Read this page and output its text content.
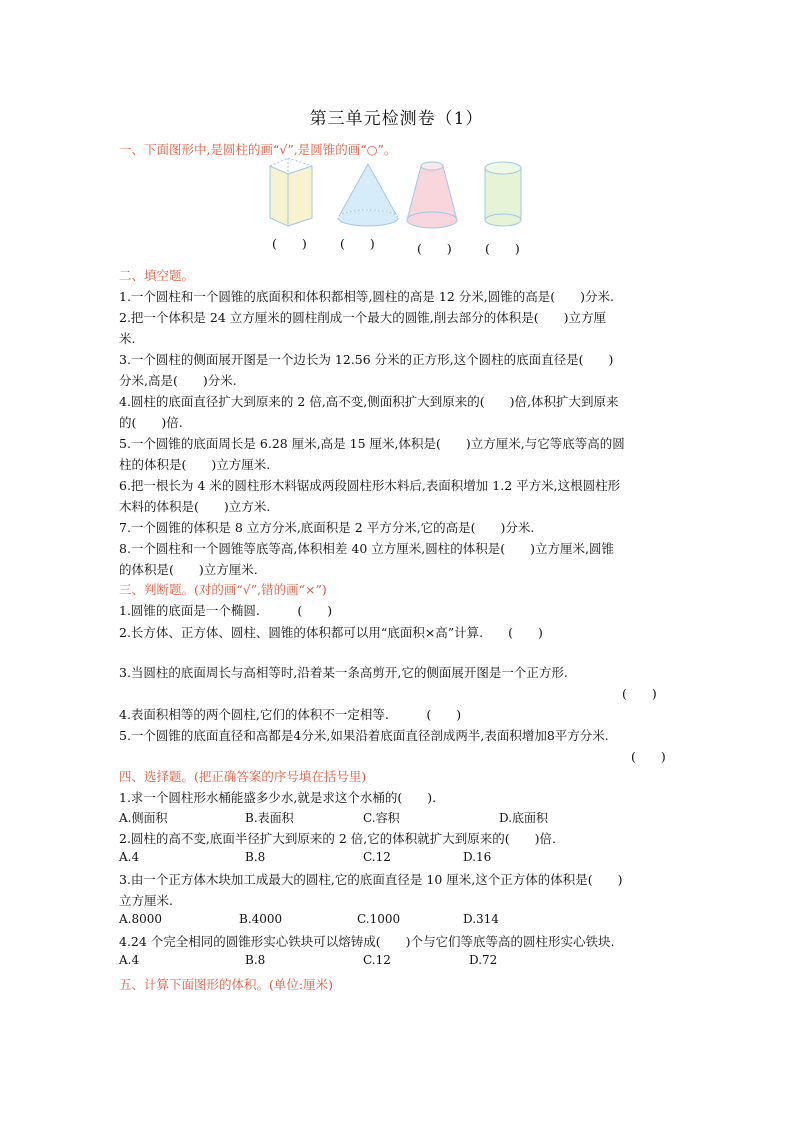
第三单元检测卷（1）
一、下面图形中,是圆柱的画“√”,是圆锥的画“○”。
(　　)	(　　)	(　　)	(　　)
二、填空题。
1.一个圆柱和一个圆锥的底面积和体积都相等,圆柱的高是 12 分米,圆锥的高是(　　)分米.
2.把一个体积是 24 立方厘米的圆柱削成一个最大的圆锥,削去部分的体积是(　　)立方厘
米.
3.一个圆柱的侧面展开图是一个边长为 12.56 分米的正方形,这个圆柱的底面直径是(　　)
分米,高是(　　)分米.
4.圆柱的底面直径扩大到原来的 2 倍,高不变,侧面积扩大到原来的(　　)倍,体积扩大到原来
的(　　)倍.
5.一个圆锥的底面周长是 6.28 厘米,高是 15 厘米,体积是(　　)立方厘米,与它等底等高的圆
柱的体积是(　　)立方厘米.
6.把一根长为 4 米的圆柱形木料锯成两段圆柱形木料后,表面积增加 1.2 平方米,这根圆柱形
木料的体积是(　　)立方米.
7.一个圆锥的体积是 8 立方分米,底面积是 2 平方分米,它的高是(　　)分米.
8.一个圆柱和一个圆锥等底等高,体积相差 40 立方厘米,圆柱的体积是(　　)立方厘米,圆锥
的体积是(　　)立方厘米.
三、判断题。(对的画“√”,错的画“×”)
1.圆锥的底面是一个椭圆.　　　(　　)
2.长方体、正方体、圆柱、圆锥的体积都可以用“底面积×高”计算.　　(　　)
3.当圆柱的底面周长与高相等时,沿着某一条高剪开,它的侧面展开图是一个正方形.
(　　)
4.表面积相等的两个圆柱,它们的体积不一定相等.　　　(　　)
5.一个圆锥的底面直径和高都是4分米,如果沿着底面直径剖成两半,表面积增加8平方分米.
(　　)
四、选择题。(把正确答案的序号填在括号里)
1.求一个圆柱形水桶能盛多少水,就是求这个水桶的(　　).
A.侧面积	B.表面积	C.容积	D.底面积
2.圆柱的高不变,底面半径扩大到原来的 2 倍,它的体积就扩大到原来的(　　)倍.
A.4	B.8	C.12	D.16
3.由一个正方体木块加工成最大的圆柱,它的底面直径是 10 厘米,这个正方体的体积是(　　)
立方厘米.
A.8000	B.4000	C.1000	D.314
4.24 个完全相同的圆锥形实心铁块可以熔铸成(　　)个与它们等底等高的圆柱形实心铁块.
A.4	B.8	C.12	D.72
五、计算下面图形的体积。(单位:厘米)
